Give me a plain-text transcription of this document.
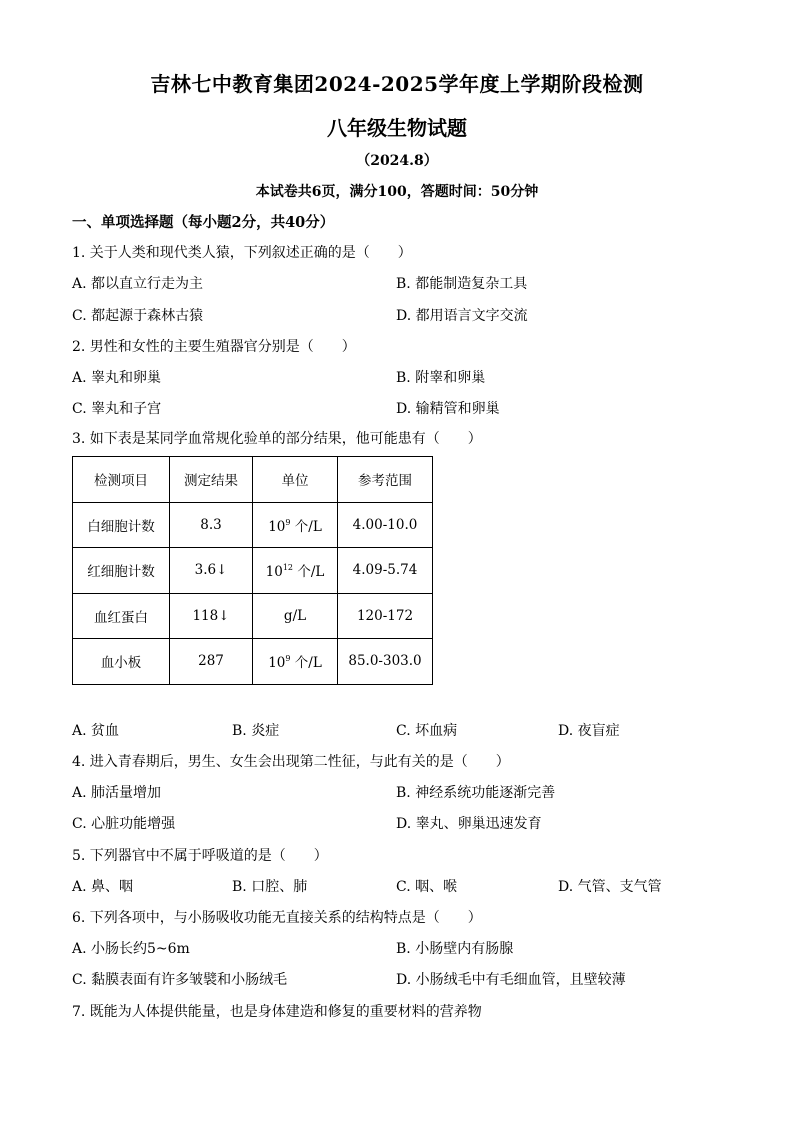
吉林七中教育集团2024-2025学年度上学期阶段检测
八年级生物试题
（2024.8）
本试卷共6页，满分100，答题时间：50分钟
一、单项选择题（每小题2分，共40分）
1. 关于人类和现代类人猿，下列叙述正确的是（　　）
A. 都以直立行走为主	B. 都能制造复杂工具
C. 都起源于森林古猿	D. 都用语言文字交流
2. 男性和女性的主要生殖器官分别是（　　）
A. 睾丸和卵巢	B. 附睾和卵巢
C. 睾丸和子宫	D. 输精管和卵巢
3. 如下表是某同学血常规化验单的部分结果，他可能患有（　　）
检测项目	测定结果	单位	参考范围
白细胞计数	8.3	$10^9$ 个/L	4.00-10.0
红细胞计数	3.6↓	$10^{12}$ 个/L	4.09-5.74
血红蛋白	118↓	g/L	120-172
血小板	287	$10^9$ 个/L	85.0-303.0
A. 贫血	B. 炎症	C. 坏血病	D. 夜盲症
4. 进入青春期后，男生、女生会出现第二性征，与此有关的是（　　）
A. 肺活量增加	B. 神经系统功能逐渐完善
C. 心脏功能增强	D. 睾丸、卵巢迅速发育
5. 下列器官中不属于呼吸道的是（　　）
A. 鼻、咽	B. 口腔、肺	C. 咽、喉	D. 气管、支气管
6. 下列各项中，与小肠吸收功能无直接关系的结构特点是（　　）
A. 小肠长约5~6m	B. 小肠壁内有肠腺
C. 黏膜表面有许多皱襞和小肠绒毛	D. 小肠绒毛中有毛细血管，且壁较薄
7. 既能为人体提供能量，也是身体建造和修复的重要材料的营养物
